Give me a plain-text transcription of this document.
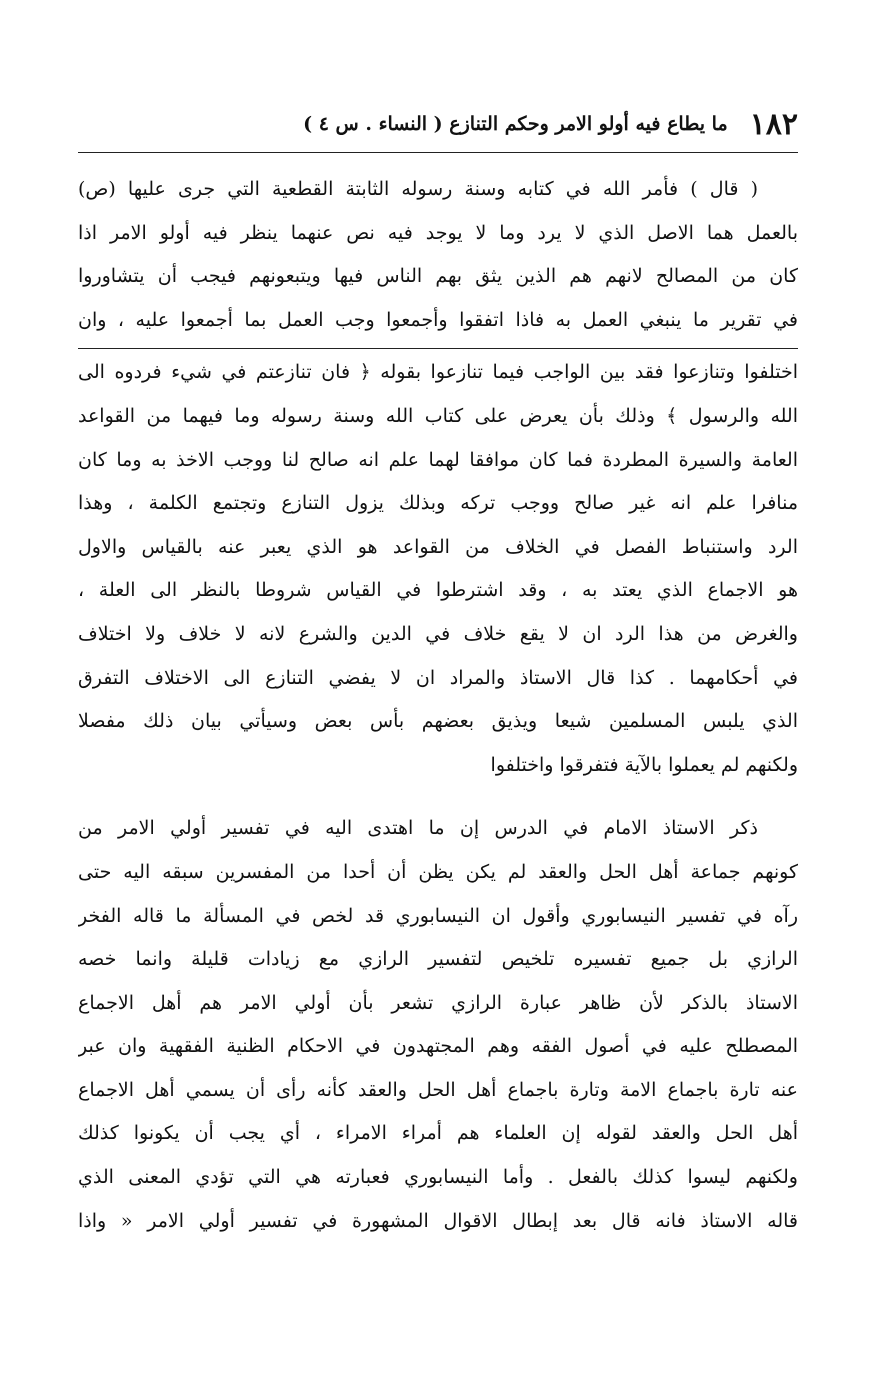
١٨٢
ما يطاع فيه أولو الامر وحكم التنازع ( النساء . س ٤ )
( قال ) فأمر الله في كتابه وسنة رسوله الثابتة القطعية التي جرى عليها (ص)
بالعمل هما الاصل الذي لا يرد وما لا يوجد فيه نص عنهما ينظر فيه أولو الامر اذا
كان من المصالح لانهم هم الذين يثق بهم الناس فيها ويتبعونهم فيجب أن يتشاوروا
في تقرير ما ينبغي العمل به فاذا اتفقوا وأجمعوا وجب العمل بما أجمعوا عليه ، وان
اختلفوا وتنازعوا فقد بين الواجب فيما تنازعوا بقوله ﴿ فان تنازعتم في شيء فردوه الى
الله والرسول ﴾ وذلك بأن يعرض على كتاب الله وسنة رسوله وما فيهما من القواعد
العامة والسيرة المطردة فما كان موافقا لهما علم انه صالح لنا ووجب الاخذ به وما كان
منافرا علم انه غير صالح ووجب تركه وبذلك يزول التنازع وتجتمع الكلمة ، وهذا
الرد واستنباط الفصل في الخلاف من القواعد هو الذي يعبر عنه بالقياس والاول
هو الاجماع الذي يعتد به ، وقد اشترطوا في القياس شروطا بالنظر الى العلة ،
والغرض من هذا الرد ان لا يقع خلاف في الدين والشرع لانه لا خلاف ولا اختلاف
في أحكامهما . كذا قال الاستاذ والمراد ان لا يفضي التنازع الى الاختلاف التفرق
الذي يلبس المسلمين شيعا ويذيق بعضهم بأس بعض وسيأتي بيان ذلك مفصلا
ولكنهم لم يعملوا بالآية فتفرقوا واختلفوا
ذكر الاستاذ الامام في الدرس إن ما اهتدى اليه في تفسير أولي الامر من
كونهم جماعة أهل الحل والعقد لم يكن يظن أن أحدا من المفسرين سبقه اليه حتى
رآه في تفسير النيسابوري وأقول ان النيسابوري قد لخص في المسألة ما قاله الفخر
الرازي بل جميع تفسيره تلخيص لتفسير الرازي مع زيادات قليلة وانما خصه
الاستاذ بالذكر لأن ظاهر عبارة الرازي تشعر بأن أولي الامر هم أهل الاجماع
المصطلح عليه في أصول الفقه وهم المجتهدون في الاحكام الظنية الفقهية وان عبر
عنه تارة باجماع الامة وتارة باجماع أهل الحل والعقد كأنه رأى أن يسمي أهل الاجماع
أهل الحل والعقد لقوله إن العلماء هم أمراء الامراء ، أي يجب أن يكونوا كذلك
ولكنهم ليسوا كذلك بالفعل . وأما النيسابوري فعبارته هي التي تؤدي المعنى الذي
قاله الاستاذ فانه قال بعد إبطال الاقوال المشهورة في تفسير أولي الامر « واذا
